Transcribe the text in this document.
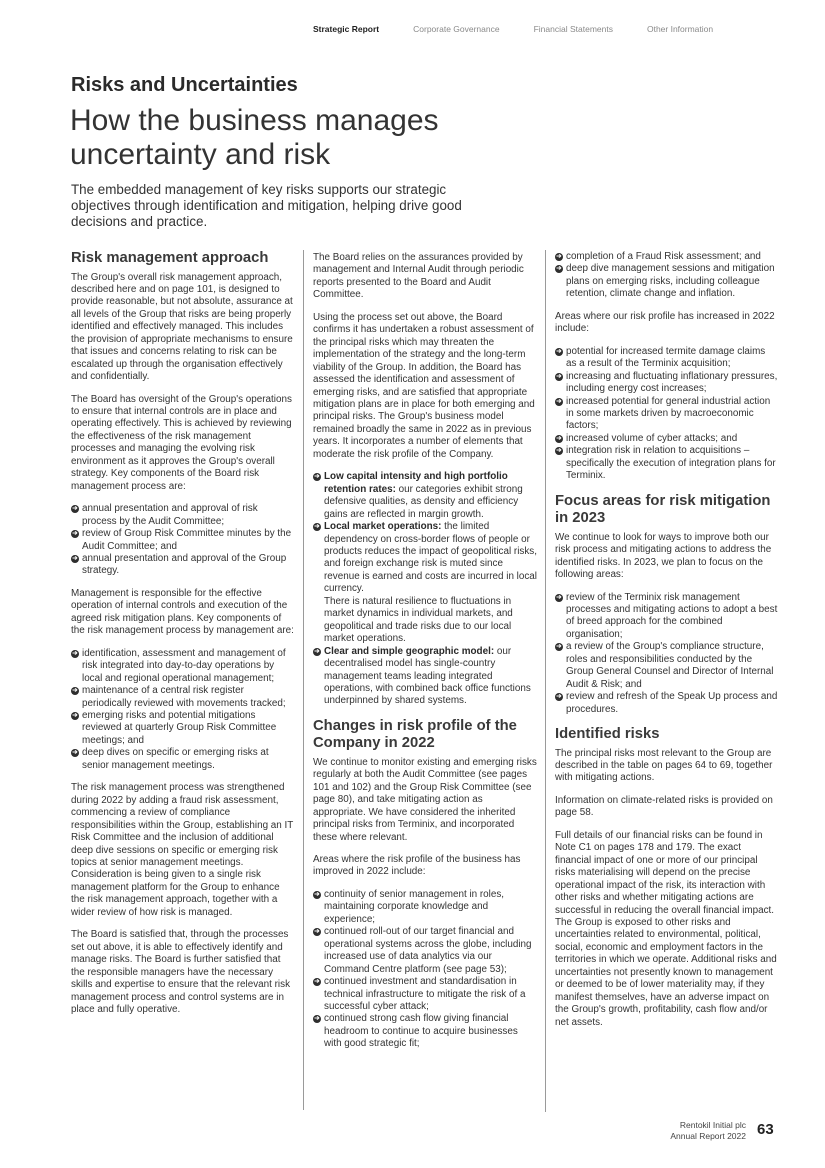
Strategic Report	Corporate Governance	Financial Statements	Other Information
Risks and Uncertainties
How the business manages uncertainty and risk

The embedded management of key risks supports our strategic objectives through identification and mitigation, helping drive good decisions and practice.

Risk management approach

The Group's overall risk management approach, described here and on page 101, is designed to provide reasonable, but not absolute, assurance at all levels of the Group that risks are being properly identified and effectively managed. This includes the provision of appropriate mechanisms to ensure that issues and concerns relating to risk can be escalated up through the organisation effectively and confidentially.

The Board has oversight of the Group's operations to ensure that internal controls are in place and operating effectively. This is achieved by reviewing the effectiveness of the risk management processes and managing the evolving risk environment as it approves the Group's overall strategy. Key components of the Board risk management process are:

➔ annual presentation and approval of risk process by the Audit Committee;
➔ review of Group Risk Committee minutes by the Audit Committee; and
➔ annual presentation and approval of the Group strategy.

Management is responsible for the effective operation of internal controls and execution of the agreed risk mitigation plans. Key components of the risk management process by management are:

➔ identification, assessment and management of risk integrated into day-to-day operations by local and regional operational management;
➔ maintenance of a central risk register periodically reviewed with movements tracked;
➔ emerging risks and potential mitigations reviewed at quarterly Group Risk Committee meetings; and
➔ deep dives on specific or emerging risks at senior management meetings.

The risk management process was strengthened during 2022 by adding a fraud risk assessment, commencing a review of compliance responsibilities within the Group, establishing an IT Risk Committee and the inclusion of additional deep dive sessions on specific or emerging risk topics at senior management meetings. Consideration is being given to a single risk management platform for the Group to enhance the risk management approach, together with a wider review of how risk is managed.

The Board is satisfied that, through the processes set out above, it is able to effectively identify and manage risks. The Board is further satisfied that the responsible managers have the necessary skills and expertise to ensure that the relevant risk management process and control systems are in place and fully operative.

The Board relies on the assurances provided by management and Internal Audit through periodic reports presented to the Board and Audit Committee.

Using the process set out above, the Board confirms it has undertaken a robust assessment of the principal risks which may threaten the implementation of the strategy and the long-term viability of the Group. In addition, the Board has assessed the identification and assessment of emerging risks, and are satisfied that appropriate mitigation plans are in place for both emerging and principal risks. The Group's business model remained broadly the same in 2022 as in previous years. It incorporates a number of elements that moderate the risk profile of the Company.

➔ Low capital intensity and high portfolio retention rates: our categories exhibit strong defensive qualities, as density and efficiency gains are reflected in margin growth.
➔ Local market operations: the limited dependency on cross-border flows of people or products reduces the impact of geopolitical risks, and foreign exchange risk is muted since revenue is earned and costs are incurred in local currency.
There is natural resilience to fluctuations in market dynamics in individual markets, and geopolitical and trade risks due to our local market operations.
➔ Clear and simple geographic model: our decentralised model has single-country management teams leading integrated operations, with combined back office functions underpinned by shared systems.
Changes in risk profile of the Company in 2022

We continue to monitor existing and emerging risks regularly at both the Audit Committee (see pages 101 and 102) and the Group Risk Committee (see page 80), and take mitigating action as appropriate. We have considered the inherited principal risks from Terminix, and incorporated these where relevant.

Areas where the risk profile of the business has improved in 2022 include:

➔ continuity of senior management in roles, maintaining corporate knowledge and experience;
➔ continued roll-out of our target financial and operational systems across the globe, including increased use of data analytics via our Command Centre platform (see page 53);
➔ continued investment and standardisation in technical infrastructure to mitigate the risk of a successful cyber attack;
➔ continued strong cash flow giving financial headroom to continue to acquire businesses with good strategic fit;
➔ completion of a Fraud Risk assessment; and
➔ deep dive management sessions and mitigation plans on emerging risks, including colleague retention, climate change and inflation.

Areas where our risk profile has increased in 2022 include:

➔ potential for increased termite damage claims as a result of the Terminix acquisition;
➔ increasing and fluctuating inflationary pressures, including energy cost increases;
➔ increased potential for general industrial action in some markets driven by macroeconomic factors;
➔ increased volume of cyber attacks; and
➔ integration risk in relation to acquisitions – specifically the execution of integration plans for Terminix.
Focus areas for risk mitigation in 2023

We continue to look for ways to improve both our risk process and mitigating actions to address the identified risks. In 2023, we plan to focus on the following areas:

➔ review of the Terminix risk management processes and mitigating actions to adopt a best of breed approach for the combined organisation;
➔ a review of the Group's compliance structure, roles and responsibilities conducted by the Group General Counsel and Director of Internal Audit & Risk; and
➔ review and refresh of the Speak Up process and procedures.
Identified risks

The principal risks most relevant to the Group are described in the table on pages 64 to 69, together with mitigating actions.

Information on climate-related risks is provided on page 58.

Full details of our financial risks can be found in Note C1 on pages 178 and 179. The exact financial impact of one or more of our principal risks materialising will depend on the precise operational impact of the risk, its interaction with other risks and whether mitigating actions are successful in reducing the overall financial impact. The Group is exposed to other risks and uncertainties related to environmental, political, social, economic and employment factors in the territories in which we operate. Additional risks and uncertainties not presently known to management or deemed to be of lower materiality may, if they manifest themselves, have an adverse impact on the Group's growth, profitability, cash flow and/or net assets.

Rentokil Initial plc
Annual Report 2022 63
